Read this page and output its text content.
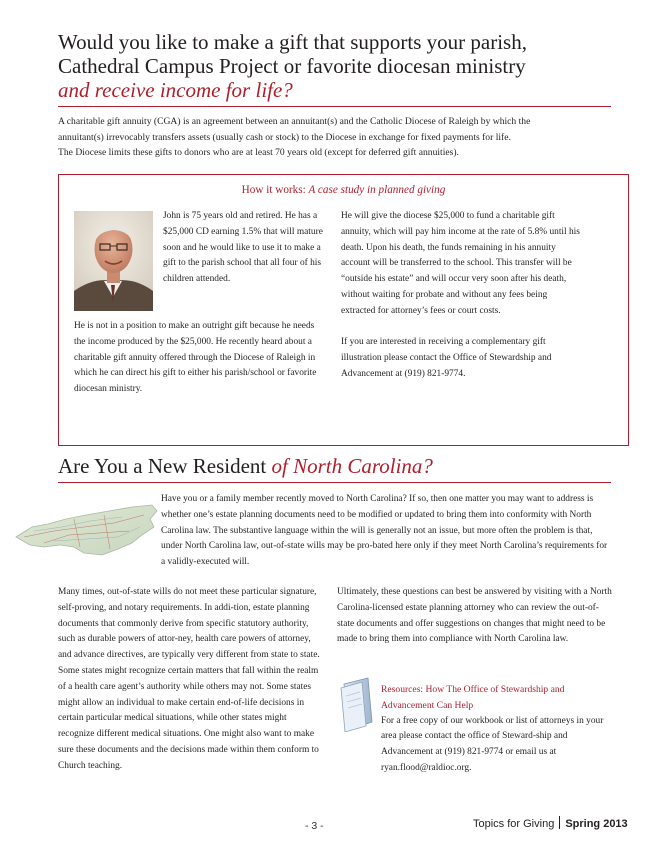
Would you like to make a gift that supports your parish,
Cathedral Campus Project or favorite diocesan ministry
and receive income for life?

A charitable gift annuity (CGA) is an agreement between an annuitant(s) and the Catholic Diocese of Raleigh by which the

annuitant(s) irrevocably transfers assets (usually cash or stock) to the Diocese in exchange for fixed payments for life.

The Diocese limits these gifts to donors who are at least 70 years old (except for deferred gift annuities).

How it works: A case study in planned giving

John is 75 years old and retired. He has a $25,000 CD earning 1.5% that will mature soon and he would like to use it to make a gift to the parish school that all four of his children attended.

He is not in a position to make an outright gift because he needs the income produced by the $25,000. He recently heard about a charitable gift annuity offered through the Diocese of Raleigh in which he can direct his gift to either his parish/school or favorite diocesan ministry.

He will give the diocese $25,000 to fund a charitable gift annuity, which will pay him income at the rate of 5.8% until his death. Upon his death, the funds remaining in his annuity account will be transferred to the school. This transfer will be “outside his estate” and will occur very soon after his death, without waiting for probate and without any fees being extracted for attorney’s fees or court costs.

If you are interested in receiving a complementary gift illustration please contact the Office of Stewardship and Advancement at (919) 821-9774.

Are You a New Resident of North Carolina?

Have you or a family member recently moved to North Carolina? If so, then one matter you may want to address is whether one’s estate planning documents need to be modified or updated to bring them into conformity with North Carolina law. The substantive language within the will is generally not an issue, but more often the problem is that, under North Carolina law, out-of-state wills may be pro-bated here only if they meet North Carolina’s requirements for a validly-executed will.

Many times, out-of-state wills do not meet these particular signature, self-proving, and notary requirements. In addi-tion, estate planning documents that commonly derive from specific statutory authority, such as durable powers of attor-ney, health care powers of attorney, and advance directives, are typically very different from state to state. Some states might recognize certain matters that fall within the realm of a health care agent’s authority while others may not. Some states might allow an individual to make certain end-of-life decisions in certain particular medical situations, while other states might recognize different medical situations. One might also want to make sure these documents and the decisions made within them conform to Church teaching.

Ultimately, these questions can best be answered by visiting with a North Carolina-licensed estate planning attorney who can review the out-of-state documents and offer suggestions on changes that might need to be made to bring them into compliance with North Carolina law.

Resources: How The Office of Stewardship and Advancement Can Help

For a free copy of our workbook or list of attorneys in your area please contact the office of Steward-ship and Advancement at (919) 821-9774 or email us at ryan.flood@raldioc.org.

- 3 -	Topics for Giving Spring 2013
